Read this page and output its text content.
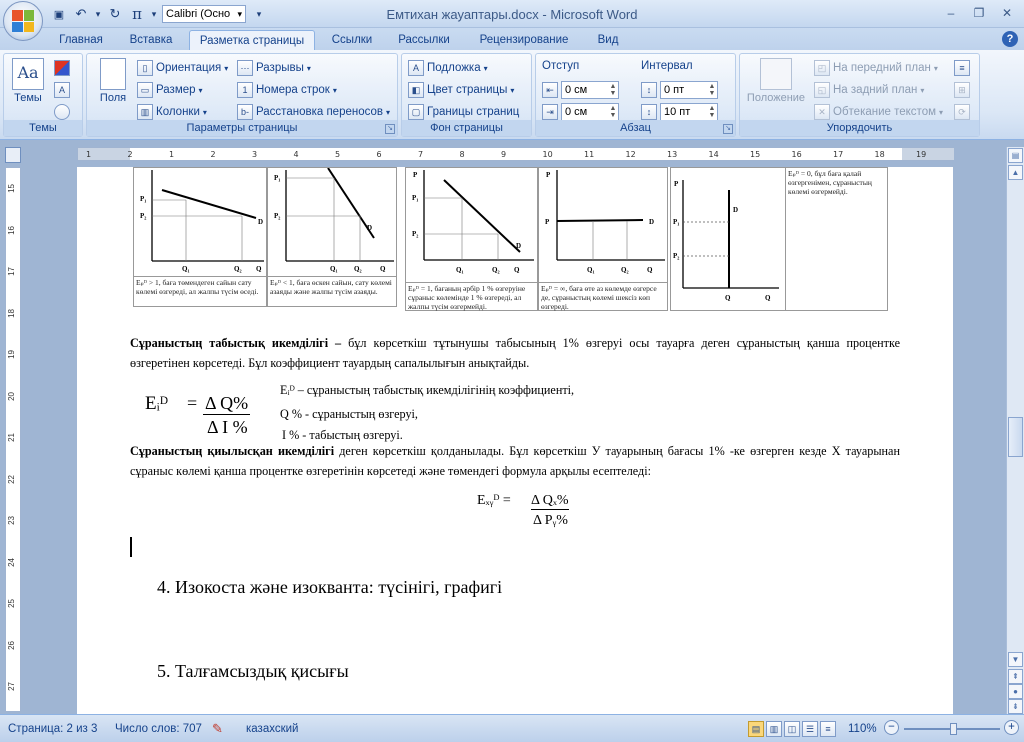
▣ ↶	▾ ↻ π	▾ Calibri (Осно ▾	▾	Емтихан жауаптары.docx - Microsoft Word	–	❐	✕
Главная	Вставка	Разметка страницы	Ссылки	Рассылки	Рецензирование	Вид	?
Aa
Темы
A
Темы
Поля
▯ Ориентация ▾
▭ Размер ▾
▥ Колонки ▾
⋯ Разрывы ▾
1 Номера строк ▾
b- Расстановка переносов ▾
Параметры страницы	↘
A Подложка ▾
◧ Цвет страницы ▾
▢ Границы страниц
Фон страницы
Отступ	Интервал
⇤	0 см	▲
▼
⇥	0 см	▲
▼
↕	0 пт	▲
▼
↕	10 пт	▲
▼
Абзац	↘
Положение
◰ На передний план ▾
◱ На задний план ▾
✕ Обтекание текстом ▾
≡
⊞
⟳
Упорядочить
1	2	1	2	3	4	5	6	7	8	9	10	11	12	13	14	15	16	17	18	19
15
16
17
18
19
20
21
22
23
24
25
26
27
P₁
P₂
Q₁	Q₂ Q
D
Eₚᴰ > 1, баға төмендеген сайын сату көлемі өзгереді, ал жалпы түсім өседі.
P₁
P₂
Q₁ Q₂	Q
D
Eₚᴰ < 1, баға өскен сайын, сату көлемі азаяды және жалпы түсім азаяды.
P
P₁
P₂
Q₁	Q₂ Q
D
Eₚᴰ = 1, бағаның әрбір 1 % өзгеруіне сұраныс көлемінде 1 % өзгереді, ал жалпы түсім өзгермейді.
P
P
Q₁	Q₂	Q
D
Eₚᴰ = ∞, баға өте аз көлемде өзгерсе де, сұраныстың көлемі шексіз көп өзгереді.
P
P₁
P₂
Q	Q
D
Eₚᴰ = 0, бұл баға қалай өзгергенімен, сұраныстың көлемі өзгермейді.
Сұраныстың табыстық икемділігі – бұл көрсеткіш тұтынушы табысының 1% өзгеруі осы тауарға деген сұраныстың қанша процентке өзгеретінен көрсетеді. Бұл коэффициент тауардың сапалылығын анықтайды.
Eᵢᴰ = Δ Q%
Δ I %
Eᵢᴰ – сұраныстың табыстық икемділігінің коэффициенті,
Q % - сұраныстың өзгеруі,
I % - табыстың өзгеруі.
Сұраныстың қиылысқан икемділігі деген көрсеткіш қолданылады. Бұл көрсеткіш У тауарының бағасы 1% -ке өзгерген кезде Х тауарынан сұраныс көлемі қанша процентке өзгеретінін көрсетеді және төмендегі формула арқылы есептеледі:
Eₓᵧᴰ = Δ Qₓ%
Δ Pᵧ%
4. Изокоста және изокванта: түсінігі, графигі
5. Талғамсыздық қисығы
▤
▲
▼
⇞
●
⇟
Страница: 2 из 3 Число слов: 707 ✎ казахский	▤	▥	◫	☰	≡	110%	−	+
